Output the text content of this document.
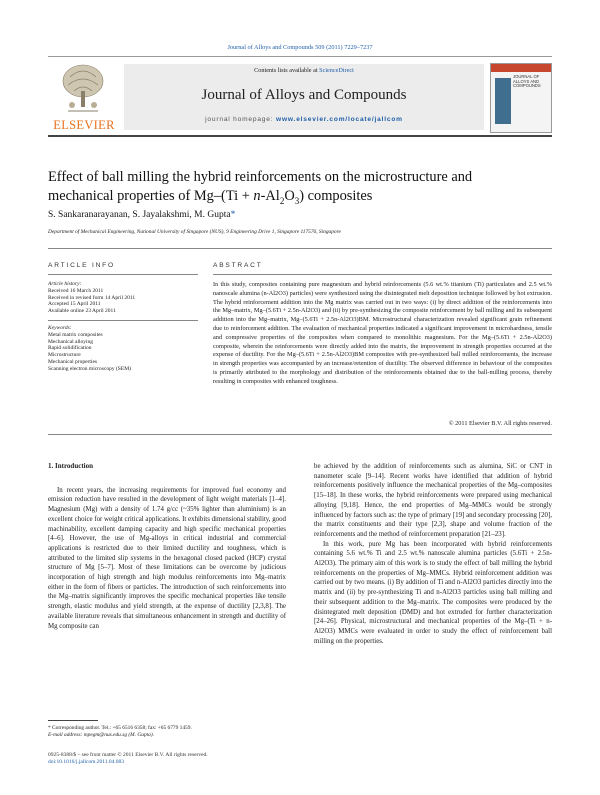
Journal of Alloys and Compounds 509 (2011) 7229–7237
ELSEVIER
Contents lists available at ScienceDirect
Journal of Alloys and Compounds
journal homepage: www.elsevier.com/locate/jallcom
JOURNAL OF ALLOYS AND COMPOUNDS
Effect of ball milling the hybrid reinforcements on the microstructure and
mechanical properties of $Mg-(Ti + n-Al_2O_3)$ composites
S. Sankaranarayanan, S. Jayalakshmi, M. Gupta*
Department of Mechanical Engineering, National University of Singapore (NUS), 9 Engineering Drive 1, Singapore 117576, Singapore
ARTICLE INFO	ABSTRACT
Article history:
Received 16 March 2011
Received in revised form 14 April 2011
Accepted 15 April 2011
Available online 23 April 2011
Keywords:
Metal matrix composites
Mechanical alloying
Rapid solidification
Microstructure
Mechanical properties
Scanning electron microscopy (SEM)
In this study, composites containing pure magnesium and hybrid reinforcements (5.6 wt.% titanium (Ti) particulates and 2.5 wt.% nanoscale alumina (n-Al2O3) particles) were synthesized using the disintegrated melt deposition technique followed by hot extrusion. The hybrid reinforcement addition into the Mg matrix was carried out in two ways: (i) by direct addition of the reinforcements into the Mg–matrix, Mg–(5.6Ti + 2.5n-Al2O3) and (ii) by pre-synthesizing the composite reinforcement by ball milling and its subsequent addition into the Mg–matrix, Mg–(5.6Ti + 2.5n-Al2O3)BM. Microstructural characterization revealed significant grain refinement due to reinforcement addition. The evaluation of mechanical properties indicated a significant improvement in microhardness, tensile and compressive properties of the composites when compared to monolithic magnesium. For the Mg–(5.6Ti + 2.5n-Al2O3) composite, wherein the reinforcements were directly added into the matrix, the improvement in strength properties occurred at the expense of ductility. For the Mg–(5.6Ti + 2.5n-Al2O3)BM composites with pre-synthesized ball milled reinforcements, the increase in strength properties was accompanied by an increase/retention of ductility. The observed difference in behaviour of the composites is primarily attributed to the morphology and distribution of the reinforcements obtained due to the ball-milling process, thereby resulting in composites with enhanced toughness.
© 2011 Elsevier B.V. All rights reserved.
1. Introduction

In recent years, the increasing requirements for improved fuel economy and emission reduction have resulted in the development of light weight materials [1–4]. Magnesium (Mg) with a density of 1.74 g/cc (~35% lighter than aluminium) is an excellent choice for weight critical applications. It exhibits dimensional stability, good machinability, excellent damping capacity and high specific mechanical properties [4–6]. However, the use of Mg-alloys in critical industrial and commercial applications is restricted due to their limited ductility and toughness, which is attributed to the limited slip systems in the hexagonal closed packed (HCP) crystal structure of Mg [5–7]. Most of these limitations can be overcome by judicious incorporation of high strength and high modulus reinforcements into Mg–matrix either in the form of fibers or particles. The introduction of such reinforcements into the Mg–matrix significantly improves the specific mechanical properties like tensile strength, elastic modulus and yield strength, at the expense of ductility [2,3,8]. The available literature reveals that simultaneous enhancement in strength and ductility of Mg composite can

be achieved by the addition of reinforcements such as alumina, SiC or CNT in nanometer scale [9–14]. Recent works have identified that addition of hybrid reinforcements positively influence the mechanical properties of the Mg–composites [15–18]. In these works, the hybrid reinforcements were prepared using mechanical alloying [9,18]. Hence, the end properties of Mg–MMCs would be strongly influenced by factors such as: the type of primary [19] and secondary processing [20], the matrix constituents and their type [2,3], shape and volume fraction of the reinforcements and the method of reinforcement preparation [21–23].

In this work, pure Mg has been incorporated with hybrid reinforcements containing 5.6 wt.% Ti and 2.5 wt.% nanoscale alumina particles (5.6Ti + 2.5n-Al2O3). The primary aim of this work is to study the effect of ball milling the hybrid reinforcements on the properties of Mg–MMCs. Hybrid reinforcement addition was carried out by two means. (i) By addition of Ti and n-Al2O3 particles directly into the matrix and (ii) by pre-synthesizing Ti and n-Al2O3 particles using ball milling and their subsequent addition to the Mg–matrix. The composites were produced by the disintegrated melt deposition (DMD) and hot extruded for further characterization [24–26]. Physical, microstructural and mechanical properties of the Mg–(Ti + n-Al2O3) MMCs were evaluated in order to study the effect of reinforcement ball milling on the properties.

* Corresponding author. Tel.: +65 6516 6358; fax: +65 6779 1459.
E-mail address: mpegm@nus.edu.sg (M. Gupta).
0925-8388/$ – see front matter © 2011 Elsevier B.V. All rights reserved.
doi:10.1016/j.jallcom.2011.04.083
